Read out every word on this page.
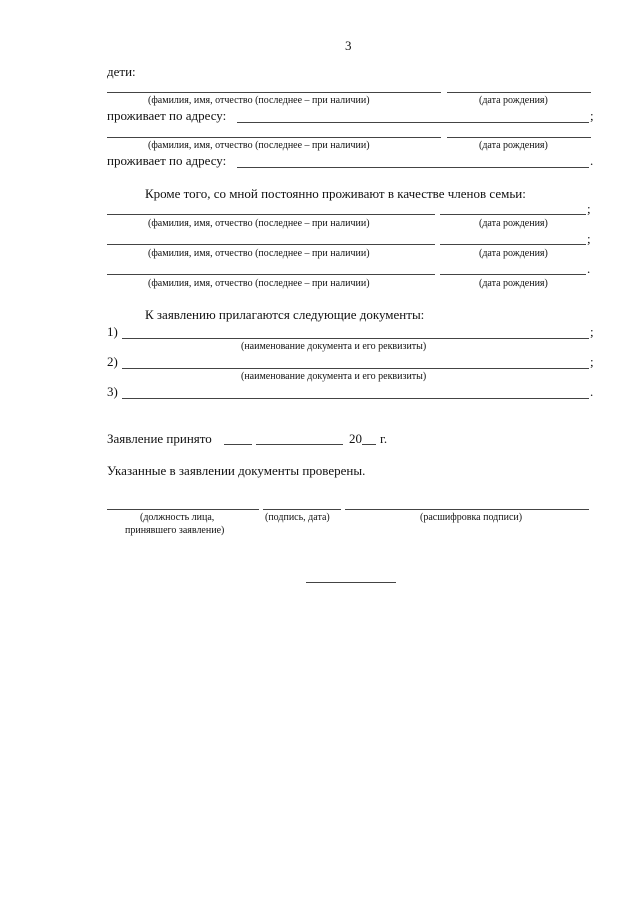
3
дети:
(фамилия, имя, отчество (последнее – при наличии)	(дата рождения)
проживает по адресу:	;
(фамилия, имя, отчество (последнее – при наличии)	(дата рождения)
проживает по адресу:	.
Кроме того, со мной постоянно проживают в качестве членов семьи:
;
(фамилия, имя, отчество (последнее – при наличии)	(дата рождения)
;
(фамилия, имя, отчество (последнее – при наличии)	(дата рождения)
.
(фамилия, имя, отчество (последнее – при наличии)	(дата рождения)
К заявлению прилагаются следующие документы:
1)	;
(наименование документа и его реквизиты)
2)	;
(наименование документа и его реквизиты)
3)	.
Заявление принято	20 г.
Указанные в заявлении документы проверены.
(должность лица,
принявшего заявление)
(подпись, дата)	(расшифровка подписи)
